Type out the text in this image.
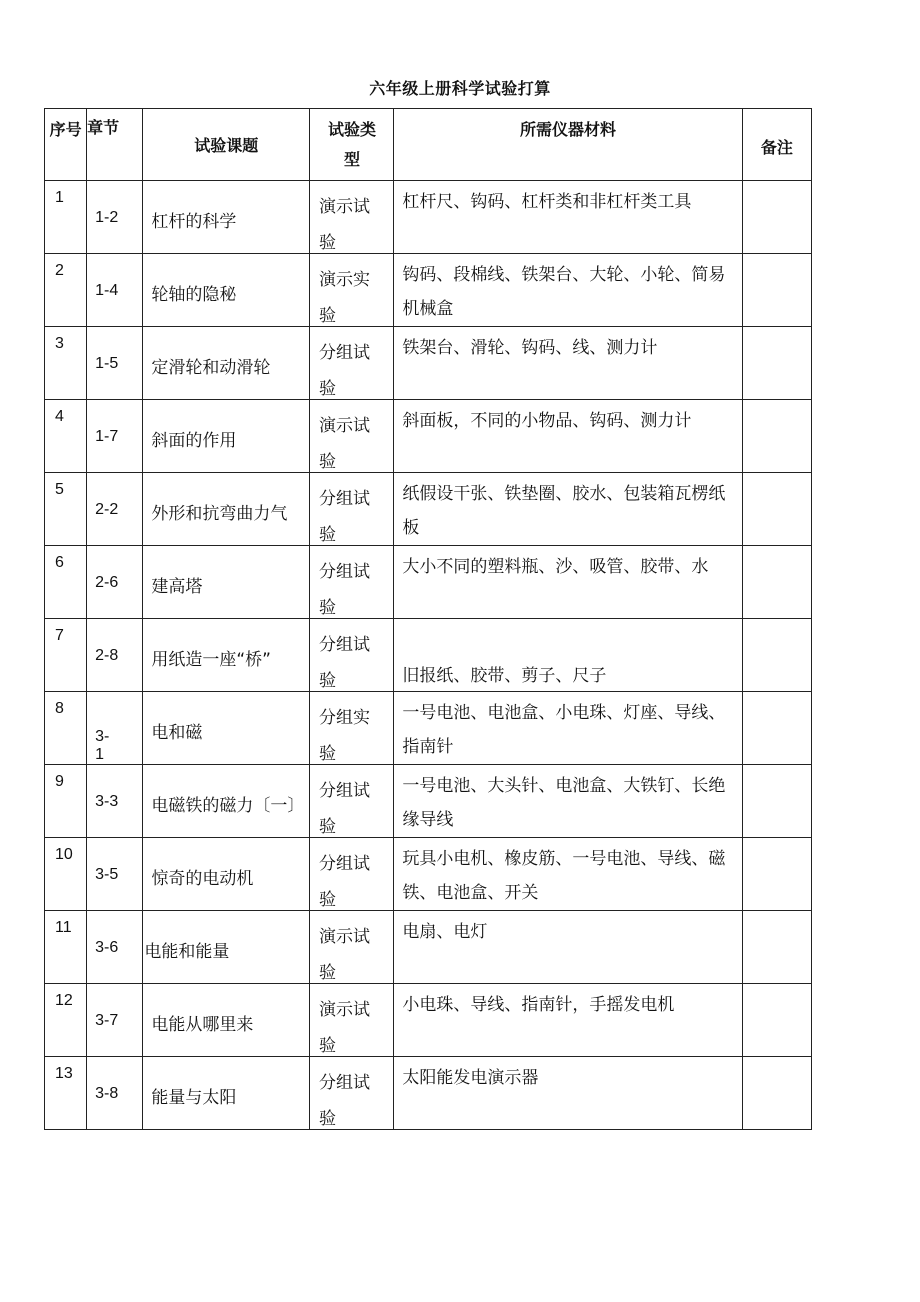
六年级上册科学试验打算
序号	章节	试验课题	试验类型	所需仪器材料	备注

1	1-2	杠杆的科学	演示试验	杠杆尺、钩码、杠杆类和非杠杆类工具	

2	1-4	轮轴的隐秘	演示实验	钩码、段棉线、铁架台、大轮、小轮、简易机械盒	

3	1-5	定滑轮和动滑轮	分组试验	铁架台、滑轮、钩码、线、测力计	

4	1-7	斜面的作用	演示试验	斜面板，不同的小物品、钩码、测力计	

5	2-2	外形和抗弯曲力气	分组试验	纸假设干张、铁垫圈、胶水、包装箱瓦楞纸板	

6	2-6	建高塔	分组试验	大小不同的塑料瓶、沙、吸管、胶带、水	

7	2-8	用纸造一座“桥”	分组试验	旧报纸、胶带、剪子、尺子	

8	3-1	电和磁	分组实验	一号电池、电池盒、小电珠、灯座、导线、指南针	

9	3-3	电磁铁的磁力〔一〕	分组试验	一号电池、大头针、电池盒、大铁钉、长绝缘导线	

10	3-5	惊奇的电动机	分组试验	玩具小电机、橡皮筋、一号电池、导线、磁铁、电池盒、开关	

11	3-6	电能和能量	演示试验	电扇、电灯	

12	3-7	电能从哪里来	演示试验	小电珠、导线、指南针，手摇发电机	

13	3-8	能量与太阳	分组试验	太阳能发电演示器	
